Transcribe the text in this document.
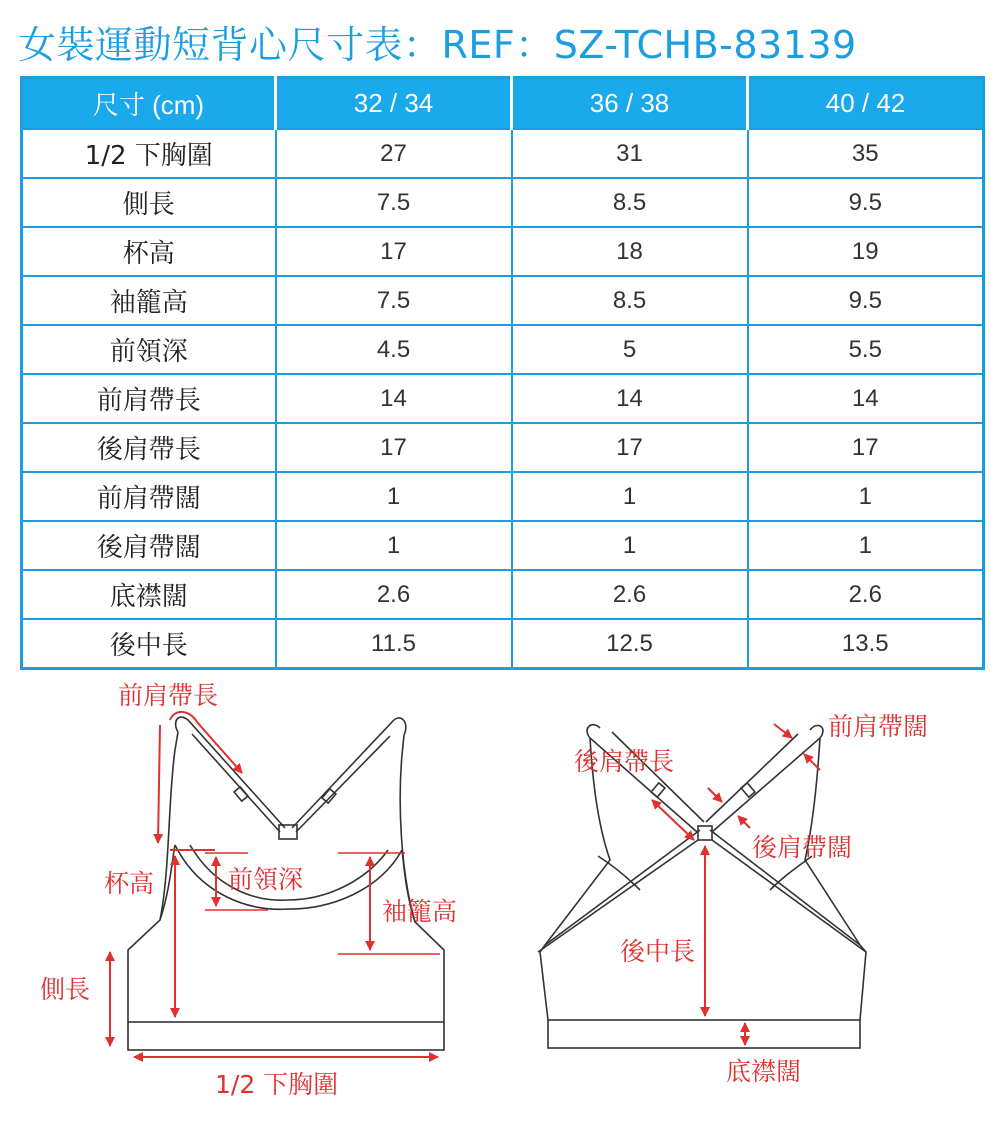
女裝運動短背心尺寸表：REF：SZ-TCHB-83139
尺寸 (cm)	32 / 34	36 / 38	40 / 42
1/2 下胸圍	27	31	35
側長	7.5	8.5	9.5
杯高	17	18	19
袖籠高	7.5	8.5	9.5
前領深	4.5	5	5.5
前肩帶長	14	14	14
後肩帶長	17	17	17
前肩帶闊	1	1	1
後肩帶闊	1	1	1
底襟闊	2.6	2.6	2.6
後中長	11.5	12.5	13.5
前肩帶長
杯高	前領深
袖籠高
側長
1/2 下胸圍
後肩帶長
前肩帶闊
後肩帶闊
後中長
底襟闊
